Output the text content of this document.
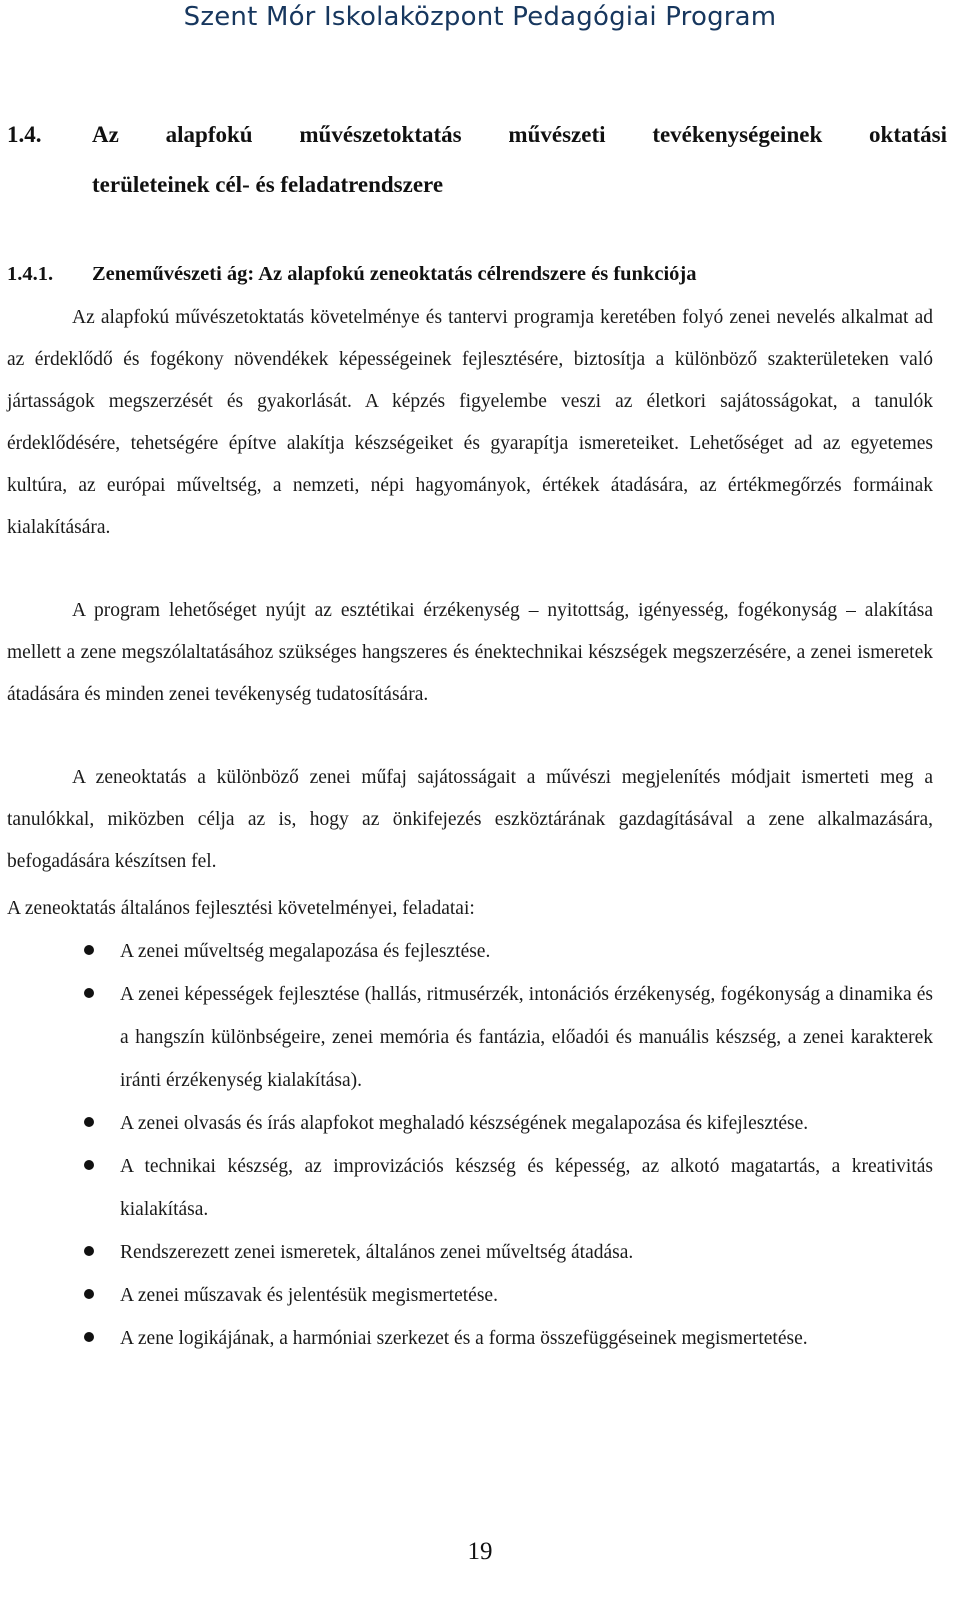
Szent Mór Iskolaközpont Pedagógiai Program
1.4. Az alapfokú művészetoktatás művészeti tevékenységeinek oktatási
területeinek cél- és feladatrendszere
1.4.1. Zeneművészeti ág: Az alapfokú zeneoktatás célrendszere és funkciója

Az alapfokú művészetoktatás követelménye és tantervi programja keretében folyó zenei nevelés alkalmat ad az érdeklődő és fogékony növendékek képességeinek fejlesztésére, biztosítja a különböző szakterületeken való jártasságok megszerzését és gyakorlását. A képzés figyelembe veszi az életkori sajátosságokat, a tanulók érdeklődésére, tehetségére építve alakítja készségeiket és gyarapítja ismereteiket. Lehetőséget ad az egyetemes kultúra, az európai műveltség, a nemzeti, népi hagyományok, értékek átadására, az értékmegőrzés formáinak kialakítására.

A program lehetőséget nyújt az esztétikai érzékenység – nyitottság, igényesség, fogékonyság – alakítása mellett a zene megszólaltatásához szükséges hangszeres és énektechnikai készségek megszerzésére, a zenei ismeretek átadására és minden zenei tevékenység tudatosítására.

A zeneoktatás a különböző zenei műfaj sajátosságait a művészi megjelenítés módjait ismerteti meg a tanulókkal, miközben célja az is, hogy az önkifejezés eszköztárának gazdagításával a zene alkalmazására, befogadására készítsen fel.

A zeneoktatás általános fejlesztési követelményei, feladatai:

A zenei műveltség megalapozása és fejlesztése.
A zenei képességek fejlesztése (hallás, ritmusérzék, intonációs érzékenység, fogékonyság a dinamika és a hangszín különbségeire, zenei memória és fantázia, előadói és manuális készség, a zenei karakterek iránti érzékenység kialakítása).
A zenei olvasás és írás alapfokot meghaladó készségének megalapozása és kifejlesztése.
A technikai készség, az improvizációs készség és képesség, az alkotó magatartás, a kreativitás kialakítása.
Rendszerezett zenei ismeretek, általános zenei műveltség átadása.
A zenei műszavak és jelentésük megismertetése.
A zene logikájának, a harmóniai szerkezet és a forma összefüggéseinek megismertetése.
19
